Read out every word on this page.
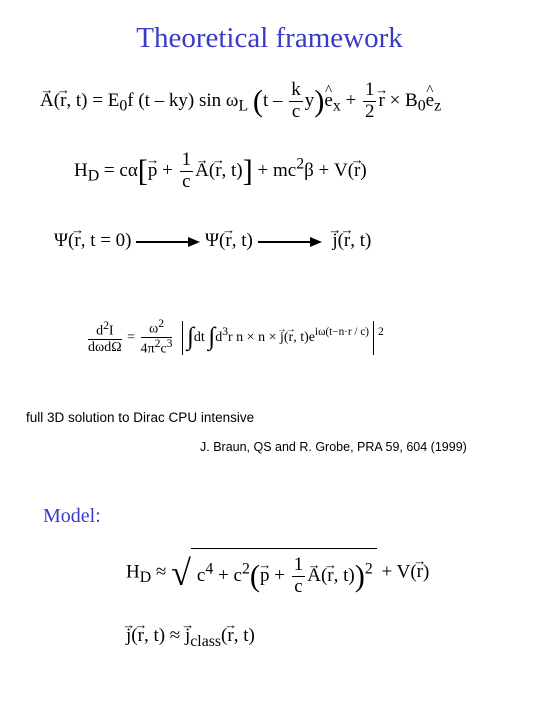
Theoretical framework
→ A(→ r, $t) = E_0f$ (t – ky) $\sin \omega_L$ ($t - \frac{k}{c}$ y)^ $e_x + \frac{1}{2}$
→ $r \times B_0\^{}$ $e_z$
$H_D = c\alpha[\to p + \frac{1}{c}$
→ A(→ r, $t)] + mc^2\beta + V(\to r)$
Ψ(→ r, t = 0)	Ψ(→ r, t)  →	j(→ r, t)
$\frac{d^2I}{\text{dωdΩ}} = \frac{\omega^2}{4\pi^2c^3} \int dt$ $\int d^3r$ n × n × → j(→ r, $t)e^{i\omega(t-n\cdot r / c)}$ $^2$
full 3D solution to Dirac CPU intensive
J. Braun, QS and R. Grobe, PRA 59, 604 (1999)
Model:
$H_D$ ≈ √ $c^4 + c^2(\to p + \frac{1}{c}$
→ A(→ r, t))$^2$ + V(→ r)
→ j(→ r, t) ≈ → $j_{class}(\to r$, t)
